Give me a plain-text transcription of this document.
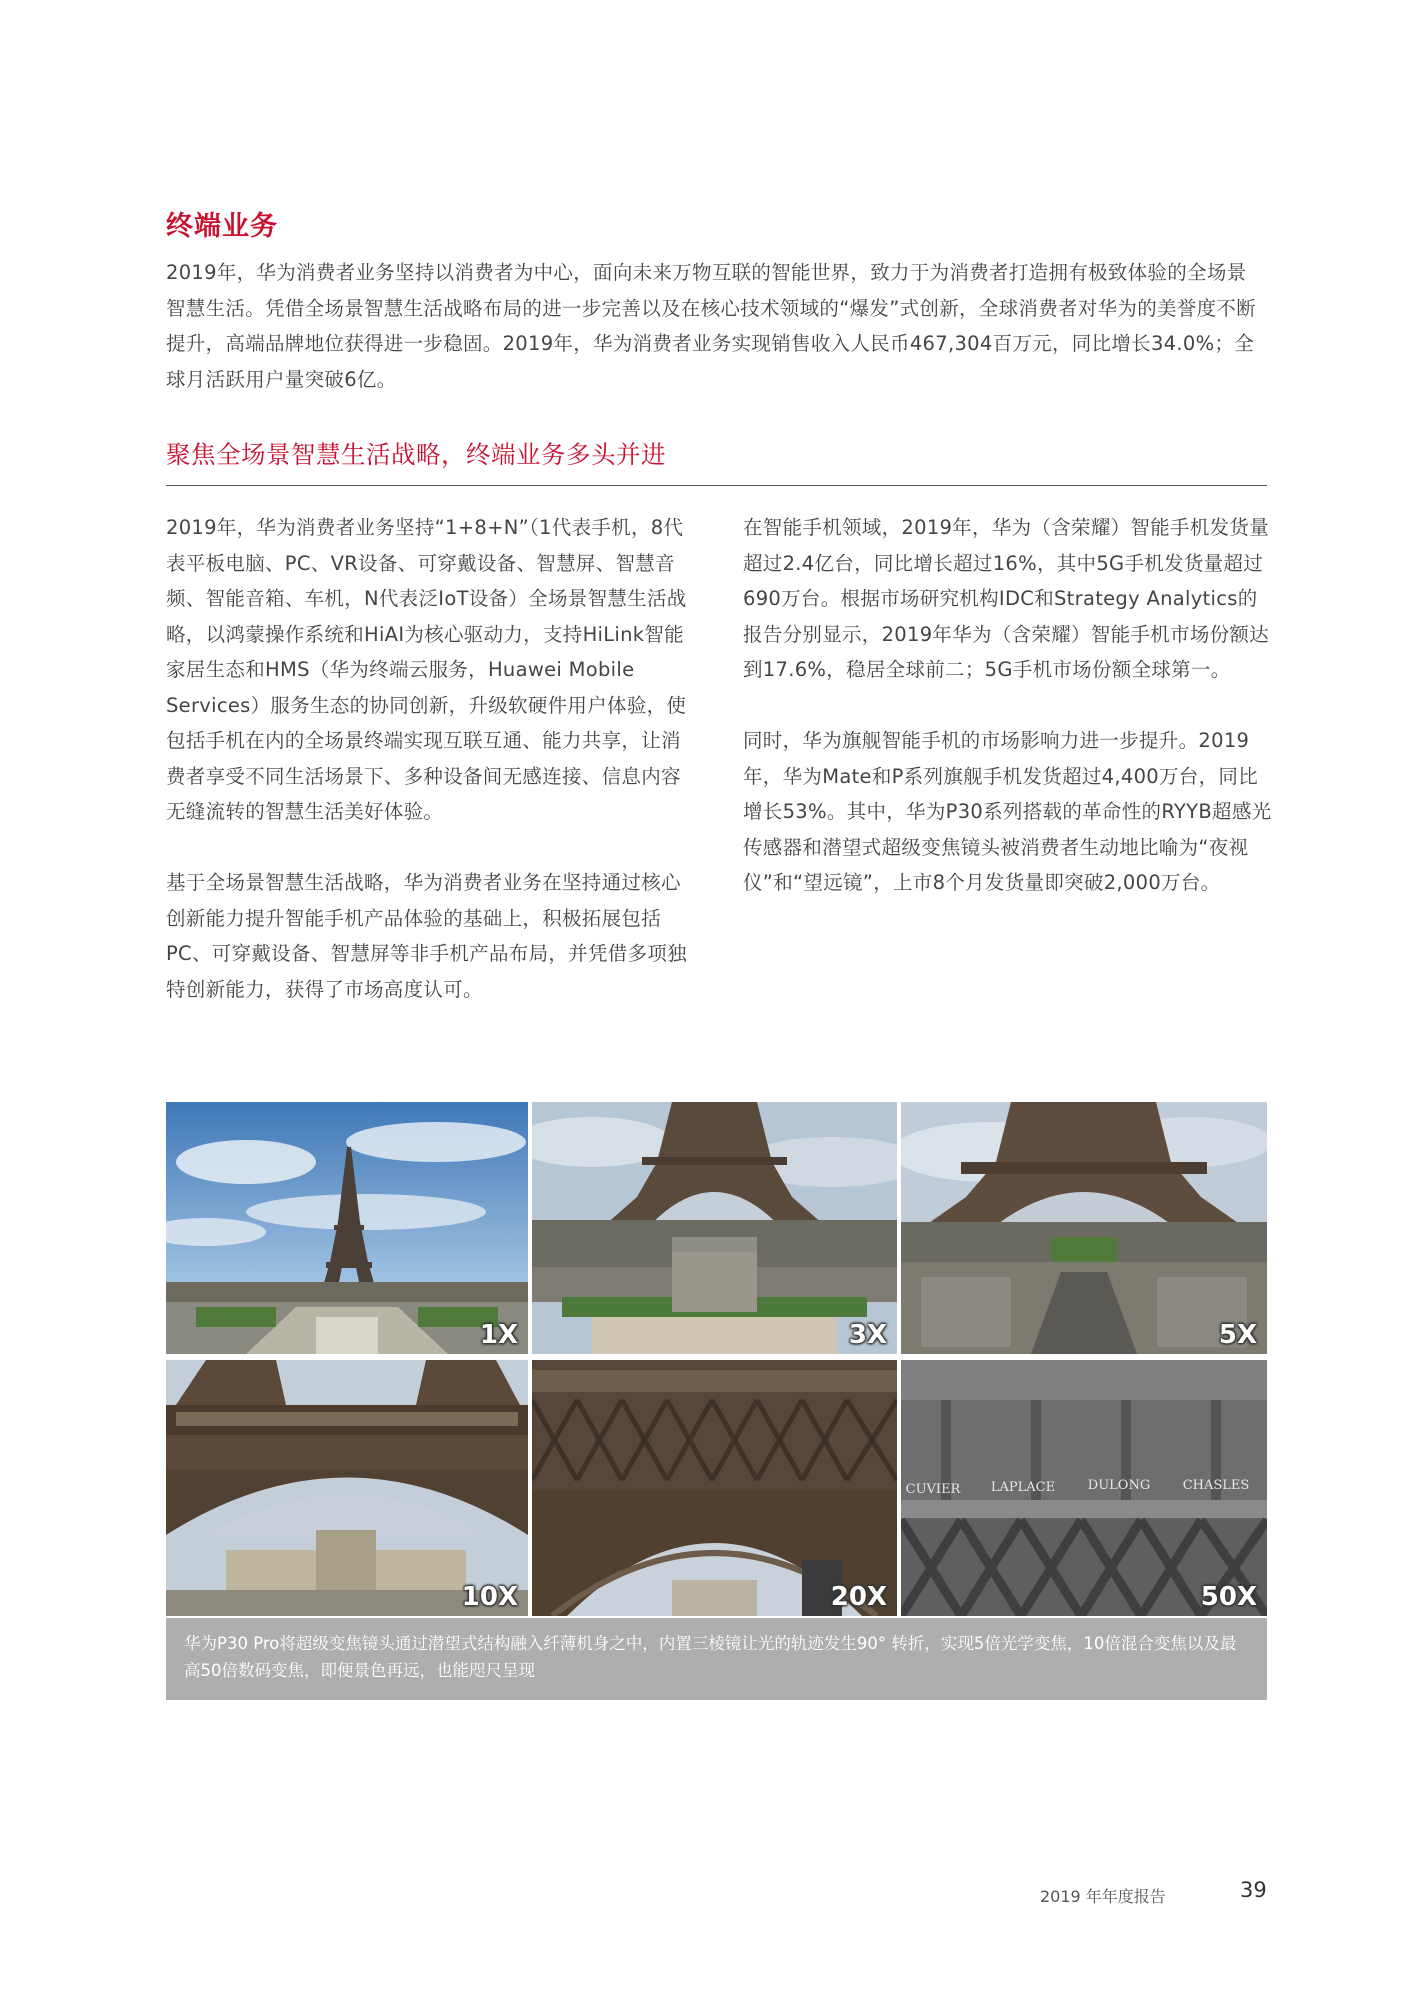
终端业务
2019年，华为消费者业务坚持以消费者为中心，面向未来万物互联的智能世界，致力于为消费者打造拥有极致体验的全场景智慧生活。凭借全场景智慧生活战略布局的进一步完善以及在核心技术领域的“爆发”式创新，全球消费者对华为的美誉度不断提升，高端品牌地位获得进一步稳固。2019年，华为消费者业务实现销售收入人民币467,304百万元，同比增长34.0%；全球月活跃用户量突破6亿。
聚焦全场景智慧生活战略，终端业务多头并进

2019年，华为消费者业务坚持“1+8+N”（1代表手机，8代表平板电脑、PC、VR设备、可穿戴设备、智慧屏、智慧音频、智能音箱、车机，N代表泛IoT设备）全场景智慧生活战略，以鸿蒙操作系统和HiAI为核心驱动力，支持HiLink智能家居生态和HMS（华为终端云服务，Huawei Mobile Services）服务生态的协同创新，升级软硬件用户体验，使包括手机在内的全场景终端实现互联互通、能力共享，让消费者享受不同生活场景下、多种设备间无感连接、信息内容无缝流转的智慧生活美好体验。

基于全场景智慧生活战略，华为消费者业务在坚持通过核心创新能力提升智能手机产品体验的基础上，积极拓展包括PC、可穿戴设备、智慧屏等非手机产品布局，并凭借多项独特创新能力，获得了市场高度认可。

在智能手机领域，2019年，华为（含荣耀）智能手机发货量超过2.4亿台，同比增长超过16%，其中5G手机发货量超过690万台。根据市场研究机构IDC和Strategy Analytics的报告分别显示，2019年华为（含荣耀）智能手机市场份额达到17.6%，稳居全球前二；5G手机市场份额全球第一。

同时，华为旗舰智能手机的市场影响力进一步提升。2019年，华为Mate和P系列旗舰手机发货超过4,400万台，同比增长53%。其中，华为P30系列搭载的革命性的RYYB超感光传感器和潜望式超级变焦镜头被消费者生动地比喻为“夜视仪”和“望远镜”，上市8个月发货量即突破2,000万台。

1X	3X	5X
10X	20X
CUVIER LAPLACE	DULONG CHASLES
50X
华为P30 Pro将超级变焦镜头通过潜望式结构融入纤薄机身之中，内置三棱镜让光的轨迹发生90° 转折，实现5倍光学变焦，10倍混合变焦以及最高50倍数码变焦，即便景色再远，也能咫尺呈现
2019 年年度报告	39
